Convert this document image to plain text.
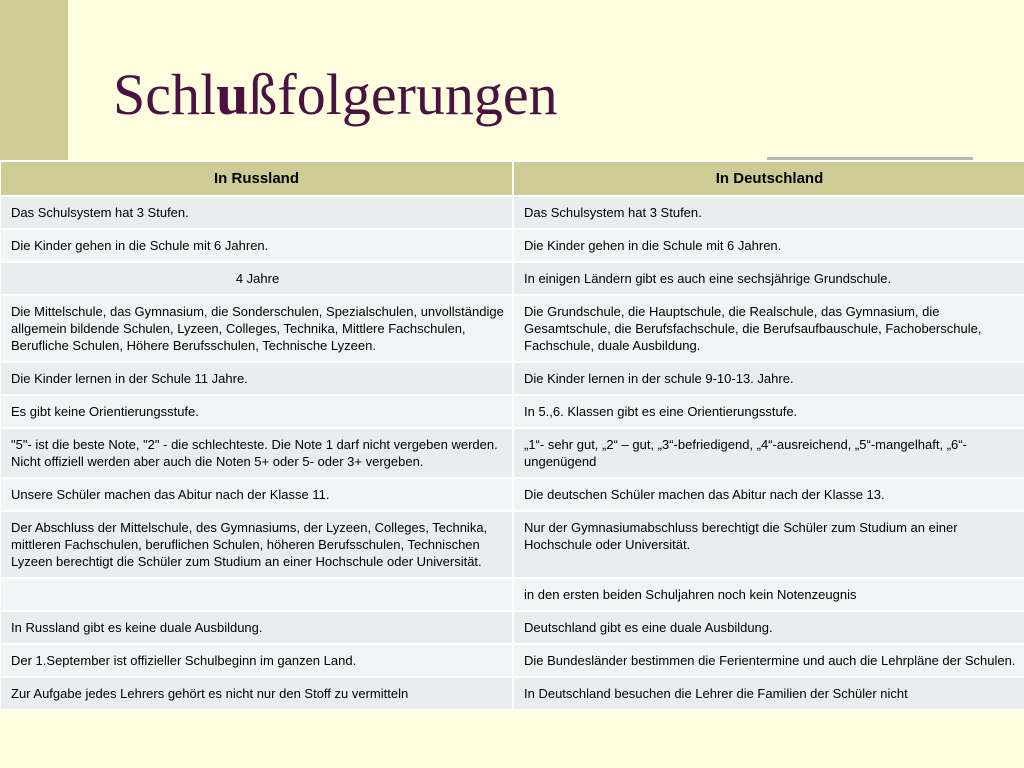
Schlußfolgerungen
In Russland	In Deutschland
Das Schulsystem hat 3 Stufen.	Das Schulsystem hat 3 Stufen.
Die Kinder gehen in die Schule mit 6 Jahren.	Die Kinder gehen in die Schule mit 6 Jahren.
4 Jahre	In einigen Ländern gibt es auch eine sechsjährige Grundschule.
Die Mittelschule, das Gymnasium, die Sonderschulen, Spezialschulen, unvollständige allgemein bildende Schulen, Lyzeen, Colleges, Technika, Mittlere Fachschulen, Berufliche Schulen, Höhere Berufsschulen, Technische Lyzeen.	Die Grundschule, die Hauptschule, die Realschule, das Gymnasium, die Gesamtschule, die Berufsfachschule, die Berufsaufbauschule, Fachoberschule, Fachschule, duale Ausbildung.
Die Kinder lernen in der Schule 11 Jahre.	Die Kinder lernen in der schule 9-10-13. Jahre.
Es gibt keine Orientierungsstufe.	In 5.,6. Klassen gibt es eine Orientierungsstufe.
"5"- ist die beste Note, "2" - die schlechteste. Die Note 1 darf nicht vergeben werden. Nicht offiziell werden aber auch die Noten 5+ oder 5- oder 3+ vergeben.	„1“- sehr gut, „2“ – gut, „3“-befriedigend, „4“-ausreichend, „5“-mangelhaft, „6“-ungenügend
Unsere Schüler machen das Abitur nach der Klasse 11.	Die deutschen Schüler machen das Abitur nach der Klasse 13.
Der Abschluss der Mittelschule, des Gymnasiums, der Lyzeen, Colleges, Technika, mittleren Fachschulen, beruflichen Schulen, höheren Berufsschulen, Technischen Lyzeen berechtigt die Schüler zum Studium an einer Hochschule oder Universität.	Nur der Gymnasiumabschluss berechtigt die Schüler zum Studium an einer Hochschule oder Universität.
	in den ersten beiden Schuljahren noch kein Notenzeugnis
In Russland gibt es keine duale Ausbildung.	Deutschland gibt es eine duale Ausbildung.
Der 1.September ist offizieller Schulbeginn im ganzen Land.	Die Bundesländer bestimmen die Ferientermine und auch die Lehrpläne der Schulen.
Zur Aufgabe jedes Lehrers gehört es nicht nur den Stoff zu vermitteln	In Deutschland besuchen die Lehrer die Familien der Schüler nicht
